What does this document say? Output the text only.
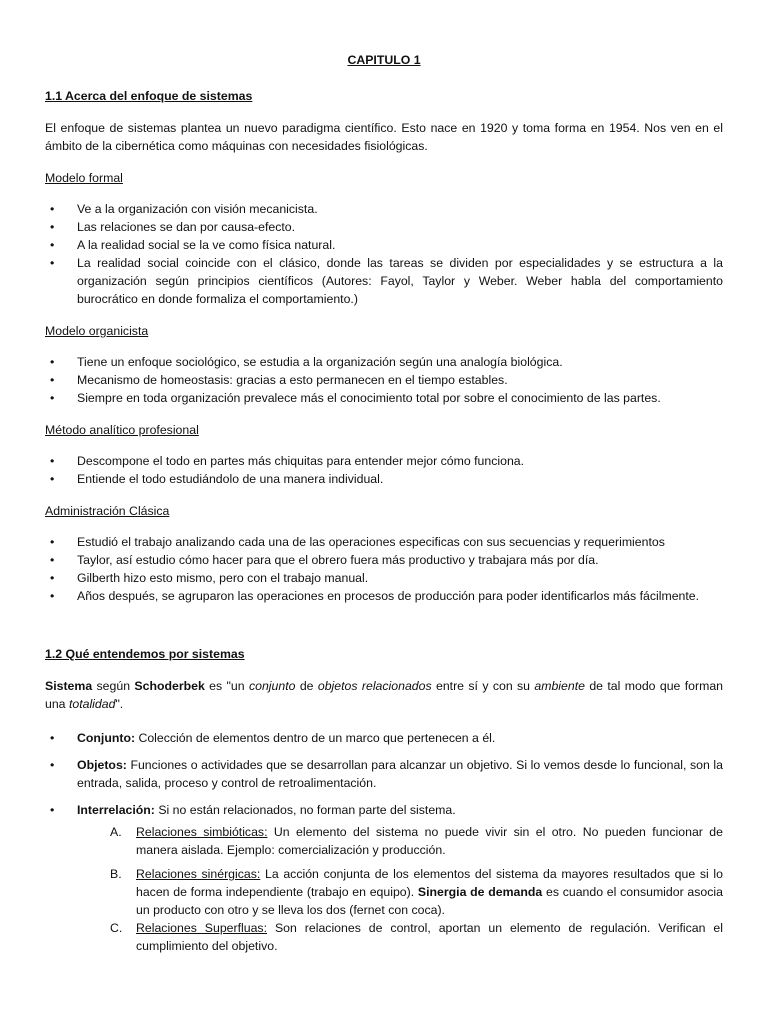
CAPITULO 1

1.1 Acerca del enfoque de sistemas

El enfoque de sistemas plantea un nuevo paradigma científico. Esto nace en 1920 y toma forma en 1954. Nos ven en el ámbito de la cibernética como máquinas con necesidades fisiológicas.

Modelo formal

• Ve a la organización con visión mecanicista.
• Las relaciones se dan por causa-efecto.
• A la realidad social se la ve como física natural.
• La realidad social coincide con el clásico, donde las tareas se dividen por especialidades y se estructura a la organización según principios científicos (Autores: Fayol, Taylor y Weber. Weber habla del comportamiento burocrático en donde formaliza el comportamiento.)

Modelo organicista

• Tiene un enfoque sociológico, se estudia a la organización según una analogía biológica.
• Mecanismo de homeostasis: gracias a esto permanecen en el tiempo estables.
• Siempre en toda organización prevalece más el conocimiento total por sobre el conocimiento de las partes.

Método analítico profesional

• Descompone el todo en partes más chiquitas para entender mejor cómo funciona.
• Entiende el todo estudiándolo de una manera individual.

Administración Clásica

• Estudió el trabajo analizando cada una de las operaciones especificas con sus secuencias y requerimientos
• Taylor, así estudio cómo hacer para que el obrero fuera más productivo y trabajara más por día.
• Gilberth hizo esto mismo, pero con el trabajo manual.
• Años después, se agruparon las operaciones en procesos de producción para poder identificarlos más fácilmente.

1.2 Qué entendemos por sistemas

Sistema según Schoderbek es "un conjunto de objetos relacionados entre sí y con su ambiente de tal modo que forman una totalidad".

• Conjunto: Colección de elementos dentro de un marco que pertenecen a él.
• Objetos: Funciones o actividades que se desarrollan para alcanzar un objetivo. Si lo vemos desde lo funcional, son la entrada, salida, proceso y control de retroalimentación.
• Interrelación: Si no están relacionados, no forman parte del sistema.
A. Relaciones simbióticas: Un elemento del sistema no puede vivir sin el otro. No pueden funcionar de manera aislada. Ejemplo: comercialización y producción.
B. Relaciones sinérgicas: La acción conjunta de los elementos del sistema da mayores resultados que si lo hacen de forma independiente (trabajo en equipo). Sinergia de demanda es cuando el consumidor asocia un producto con otro y se lleva los dos (fernet con coca).
C. Relaciones Superfluas: Son relaciones de control, aportan un elemento de regulación. Verifican el cumplimiento del objetivo.
